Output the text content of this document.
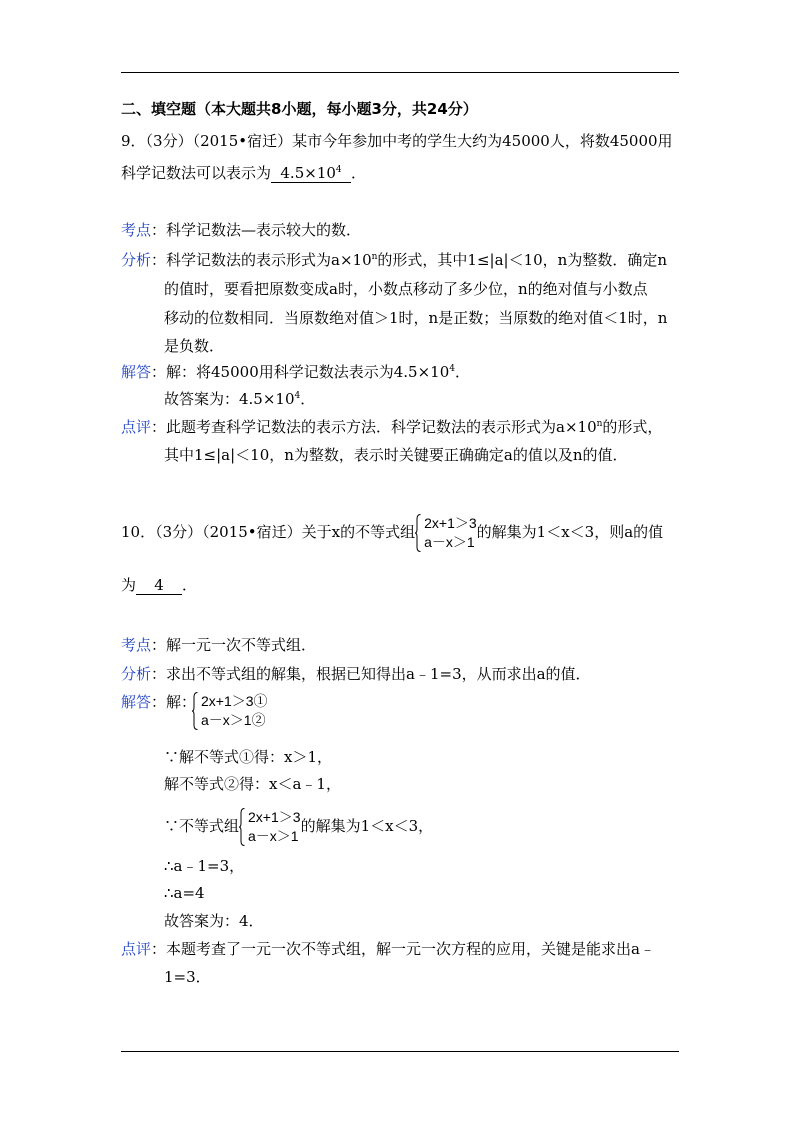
二、填空题（本大题共8小题，每小题3分，共24分）
9．（3分）（2015•宿迁）某市今年参加中考的学生大约为45000人，将数45000用
科学记数法可以表示为 $4.5\times 10^4$ ．
考点：科学记数法—表示较大的数．
分析：科学记数法的表示形式为$a\times 10^n$的形式，其中1≤|a|＜10，n为整数．确定n
的值时，要看把原数变成a时，小数点移动了多少位，n的绝对值与小数点
移动的位数相同．当原数绝对值＞1时，n是正数；当原数的绝对值＜1时，n
是负数．
解答：解：将45000用科学记数法表示为$4.5\times 10^4$．
故答案为：$4.5\times 10^4$．
点评：此题考查科学记数法的表示方法．科学记数法的表示形式为$a\times 10^n$的形式，
其中1≤|a|＜10，n为整数，表示时关键要正确确定a的值以及n的值．
10．（3分）（2015•宿迁）关于x的不等式组 2x+1＞3
a－x＞1
的解集为1＜x＜3，则a的值
为 4 ．
考点：解一元一次不等式组．
分析：求出不等式组的解集，根据已知得出a﹣1=3，从而求出a的值．
解答：解： 2x+1＞3①
a－x＞1②
∵解不等式①得：x＞1，
解不等式②得：x＜a﹣1，
∵不等式组 2x+1＞3
a－x＞1
的解集为1＜x＜3，
∴a﹣1=3，
∴a=4
故答案为：4．
点评：本题考查了一元一次不等式组，解一元一次方程的应用，关键是能求出a﹣
1=3．
